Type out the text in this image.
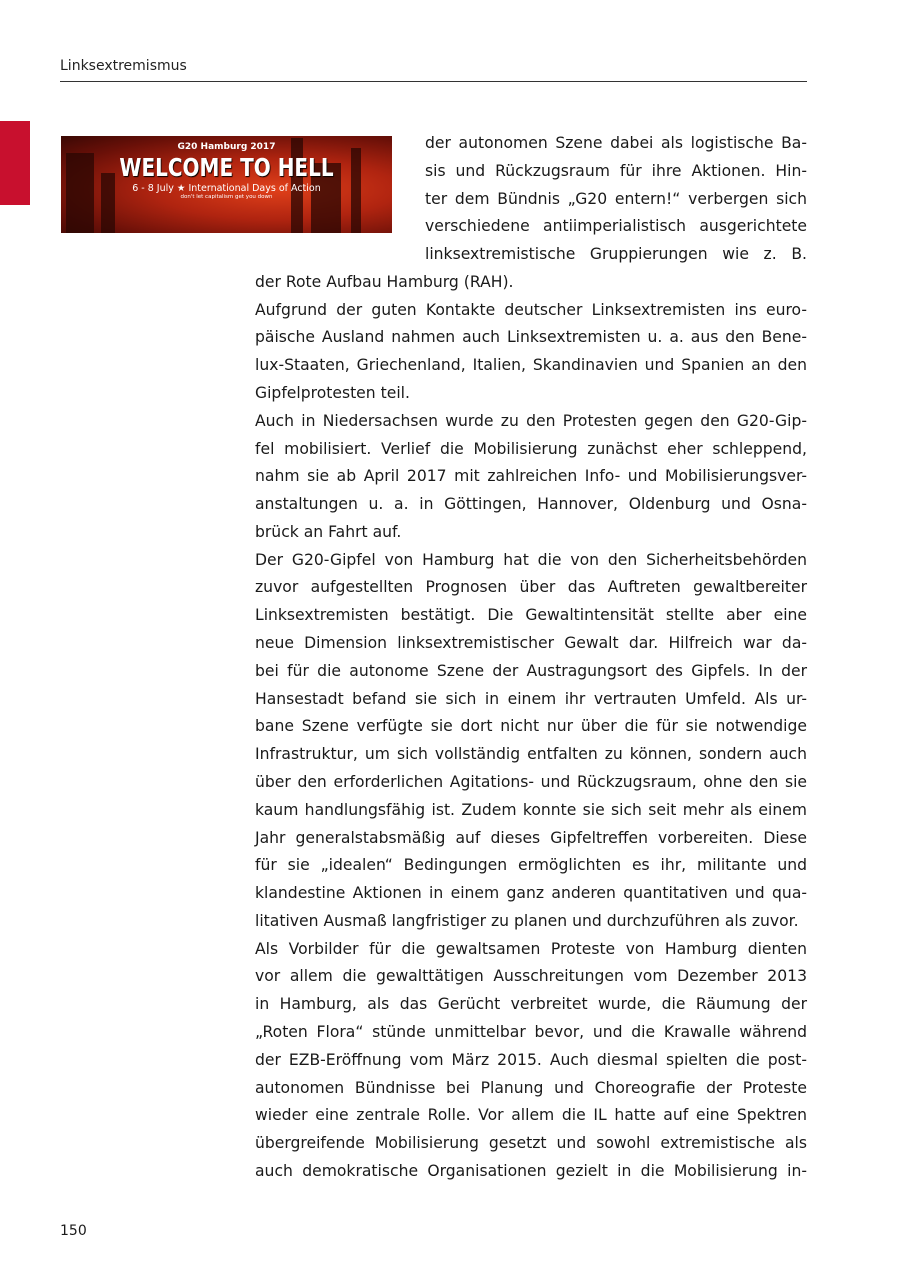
Linksextremismus
G20 Hamburg 2017
WELCOME TO HELL
6 - 8 July ★ International Days of Action
don't let capitalism get you down
der autonomen Szene dabei als logistische Ba-
sis und Rückzugsraum für ihre Aktionen. Hin-
ter dem Bündnis „G20 entern!“ verbergen sich
verschiedene antiimperialistisch ausgerichtete
linksextremistische Gruppierungen wie z. B.
der Rote Aufbau Hamburg (RAH).
Aufgrund der guten Kontakte deutscher Linksextremisten ins euro-
päische Ausland nahmen auch Linksextremisten u. a. aus den Bene-
lux-Staaten, Griechenland, Italien, Skandinavien und Spanien an den
Gipfelprotesten teil.
Auch in Niedersachsen wurde zu den Protesten gegen den G20-Gip-
fel mobilisiert. Verlief die Mobilisierung zunächst eher schleppend,
nahm sie ab April 2017 mit zahlreichen Info- und Mobilisierungsver-
anstaltungen u. a. in Göttingen, Hannover, Oldenburg und Osna-
brück an Fahrt auf.
Der G20-Gipfel von Hamburg hat die von den Sicherheitsbehörden
zuvor aufgestellten Prognosen über das Auftreten gewaltbereiter
Linksextremisten bestätigt. Die Gewaltintensität stellte aber eine
neue Dimension linksextremistischer Gewalt dar. Hilfreich war da-
bei für die autonome Szene der Austragungsort des Gipfels. In der
Hansestadt befand sie sich in einem ihr vertrauten Umfeld. Als ur-
bane Szene verfügte sie dort nicht nur über die für sie notwendige
Infrastruktur, um sich vollständig entfalten zu können, sondern auch
über den erforderlichen Agitations- und Rückzugsraum, ohne den sie
kaum handlungsfähig ist. Zudem konnte sie sich seit mehr als einem
Jahr generalstabsmäßig auf dieses Gipfeltreffen vorbereiten. Diese
für sie „idealen“ Bedingungen ermöglichten es ihr, militante und
klandestine Aktionen in einem ganz anderen quantitativen und qua-
litativen Ausmaß langfristiger zu planen und durchzuführen als zuvor.
Als Vorbilder für die gewaltsamen Proteste von Hamburg dienten
vor allem die gewalttätigen Ausschreitungen vom Dezember 2013
in Hamburg, als das Gerücht verbreitet wurde, die Räumung der
„Roten Flora“ stünde unmittelbar bevor, und die Krawalle während
der EZB-Eröffnung vom März 2015. Auch diesmal spielten die post-
autonomen Bündnisse bei Planung und Choreografie der Proteste
wieder eine zentrale Rolle. Vor allem die IL hatte auf eine Spektren
übergreifende Mobilisierung gesetzt und sowohl extremistische als
auch demokratische Organisationen gezielt in die Mobilisierung in-
150
